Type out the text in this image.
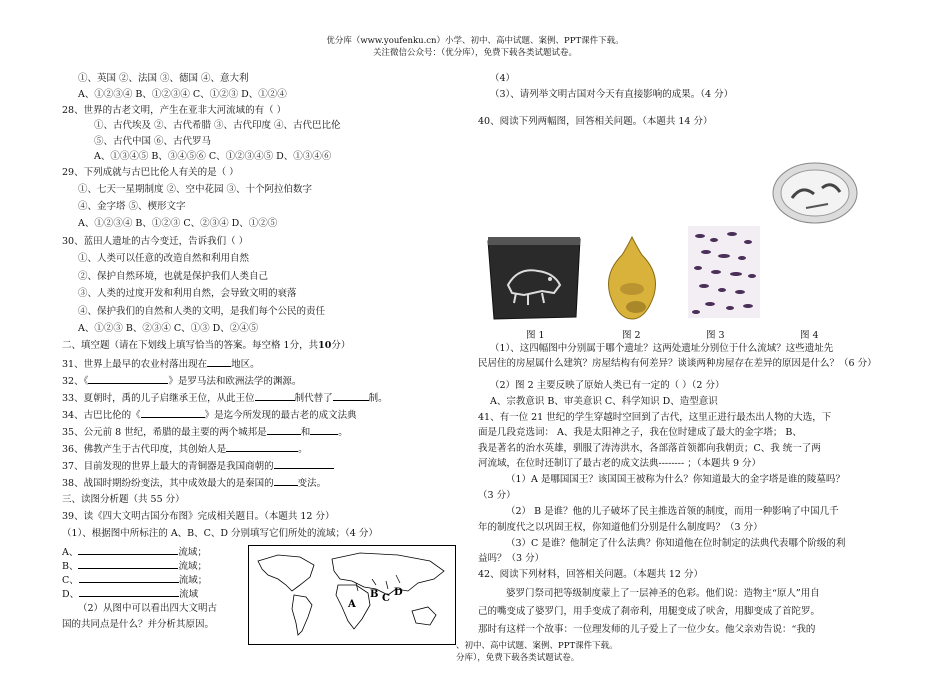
优分库（www.youfenku.cn）小学、初中、高中试题、案例、PPT课件下载。
关注微信公众号：（优分库），免费下载各类试题试卷。
①、英国 ②、法国 ③、德国 ④、意大利
A、①②③④ B、①②③④ C、①②③ D、①②④
28、世界的古老文明，产生在亚非大河流域的有（ ）
①、古代埃及 ②、古代希腊 ③、古代印度 ④、古代巴比伦
⑤、古代中国 ⑥、古代罗马
A、①③④⑤ B、③④⑤⑥ C、①②③④⑤ D、①③④⑥
29、下列成就与古巴比伦人有关的是（ ）
①、七天一星期制度 ②、空中花园 ③、十个阿拉伯数字
④、金字塔 ⑤、楔形文字
A、①②③④ B、①②③ C、②③④ D、①②⑤
30、蓝田人遗址的古今变迁，告诉我们（ ）
①、人类可以任意的改造自然和利用自然
②、保护自然环境，也就是保护我们人类自己
③、人类的过度开发和利用自然，会导致文明的衰落
④、保护我们的自然和人类的文明，是我们每个公民的责任
A、①②③ B、②③④ C、①③ D、②④⑤
二、填空题（请在下划线上填写恰当的答案。每空格 1分，共10分）
31、世界上最早的农业村落出现在	地区。
32、《	》是罗马法和欧洲法学的渊源。
33、夏朝时，禹的儿子启继承王位，从此王位	制代替了	制。
34、古巴比伦的《	》是迄今所发现的最古老的成文法典
35、公元前 8 世纪，希腊的最主要的两个城邦是	和	。
36、佛教产生于古代印度，其创始人是	。
37、目前发现的世界上最大的青铜器是我国商朝的
38、战国时期纷纷变法，其中成效最大的是秦国的	变法。
三、读图分析题（共 55 分）
39、读《四大文明古国分布图》完成相关题目。（本题共 12 分）
（1）、根据图中所标注的 A、B、C、D 分别填写它们所处的流域；（4 分）
A、	流域；
B、	流域；
C、	流域；
D、	流域
（2）从图中可以看出四大文明古
国的共同点是什么？并分析其原因。
A
B C
D
（4）
（3）、请列举文明古国对今天有直接影响的成果。（4 分）
40、阅读下列两幅图，回答相关问题。（本题共 14 分）
图 1	图 2	图 3	图 4
（1）、这四幅图中分别属于哪个遗址？这两处遗址分别位于什么流域？这些遗址先
民居住的房屋属什么建筑？房屋结构有何差异？谈谈两种房屋存在差异的原因是什么？（6 分）
（2）图 2 主要反映了原始人类已有一定的（ ）（2 分）
A、宗教意识 B、审美意识 C、科学知识 D、造型意识
41、有一位 21 世纪的学生穿越时空回到了古代，这里正进行最杰出人物的大选，下
面是几段竞选词： A、我是太阳神之子，我在位时建成了最大的金字塔； B、
我是著名的治水英雄，驯服了涛涛洪水，各部落首领都向我朝贡；C、我 统一了两
河流域，在位时还制订了最古老的成文法典-------- ；（本题共 9 分）
（1）A 是哪国国王？该国国王被称为什么？你知道最大的金字塔是谁的陵墓吗？
（3 分）
（2） B 是谁？他的儿子破坏了民主推选首领的制度，而用一种影响了中国几千
年的制度代之以巩固王权，你知道他们分别是什么制度吗？（3 分）
（3）C 是谁？他制定了什么法典？你知道他在位时制定的法典代表哪个阶级的利
益吗？（3 分）
42、阅读下列材料，回答相关问题。（本题共 12 分）
婆罗门祭司把等级制度蒙上了一层神圣的色彩。他们说：造物主“原人”用自
己的嘴变成了婆罗门，用手变成了刹帝利，用腿变成了吠舍，用脚变成了首陀罗。
那时有这样一个故事：一位理发师的儿子爱上了一位少女。他父亲劝告说：“我的
、初中、高中试题、案例、PPT课件下载。
分库），免费下载各类试题试卷。
